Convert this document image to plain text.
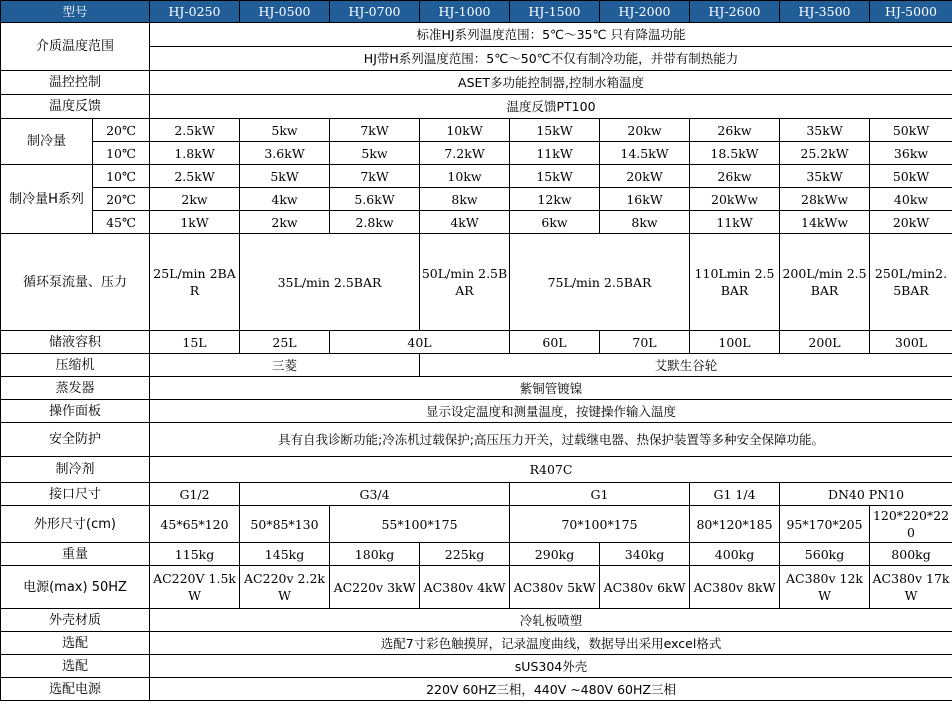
型号		HJ-0250	HJ-0500	HJ-0700	HJ-1000	HJ-1500	HJ-2000	HJ-2600	HJ-3500	HJ-5000
介质温度范围		标准HJ系列温度范围：5℃～35℃ 只有降温功能								
		HJ带H系列温度范围：5℃～50℃不仅有制冷功能，并带有制热能力								
温控控制		ASET多功能控制器,控制水箱温度								
温度反馈		温度反馈PT100								
制冷量	20℃	2.5kW	5kw	7kW	10kW	15kW	20kw	26kw	35kW	50kW
	10℃	1.8kW	3.6kW	5kw	7.2kW	11kW	14.5kW	18.5kW	25.2kW	36kw
制冷量H系列	10℃	2.5kW	5kW	7kW	10kw	15kW	20kW	26kw	35kW	50kW
	20℃	2kw	4kw	5.6kW	8kw	12kw	16kW	20kWw	28kWw	40kw
	45℃	1kW	2kw	2.8kw	4kW	6kw	8kw	11kW	14kWw	20kW
循环泵流量、压力		25L/min 2BAR	35L/min 2.5BAR		50L/min 2.5BAR	75L/min 2.5BAR		110Lmin 2.5BAR	200L/min 2.5BAR	250L/min2.5BAR
储液容积		15L	25L	40L		60L	70L	100L	200L	300L
压缩机		三菱			艾默生谷轮					
蒸发器		紫铜管镀镍								
操作面板		显示设定温度和测量温度，按键操作输入温度								
安全防护		具有自我诊断功能;冷冻机过载保护;高压压力开关，过载继电器、热保护装置等多种安全保障功能。								
制冷剂		R407C								
接口尺寸		G1/2	G3/4			G1		G1 1/4	DN40 PN10	
外形尺寸(cm)		45*65*120	50*85*130	55*100*175		70*100*175		80*120*185	95*170*205	120*220*220
重量		115kg	145kg	180kg	225kg	290kg	340kg	400kg	560kg	800kg
电源(max) 50HZ		AC220V 1.5kW	AC220v 2.2kW	AC220v 3kW	AC380v 4kW	AC380v 5kW	AC380v 6kW	AC380v 8kW	AC380v 12kW	AC380v 17kW
外壳材质		冷轧板喷塑								
选配		选配7寸彩色触摸屏，记录温度曲线，数据导出采用excel格式								
选配		sUS304外壳								
选配电源		220V 60HZ三相，440V ~480V 60HZ三相								
